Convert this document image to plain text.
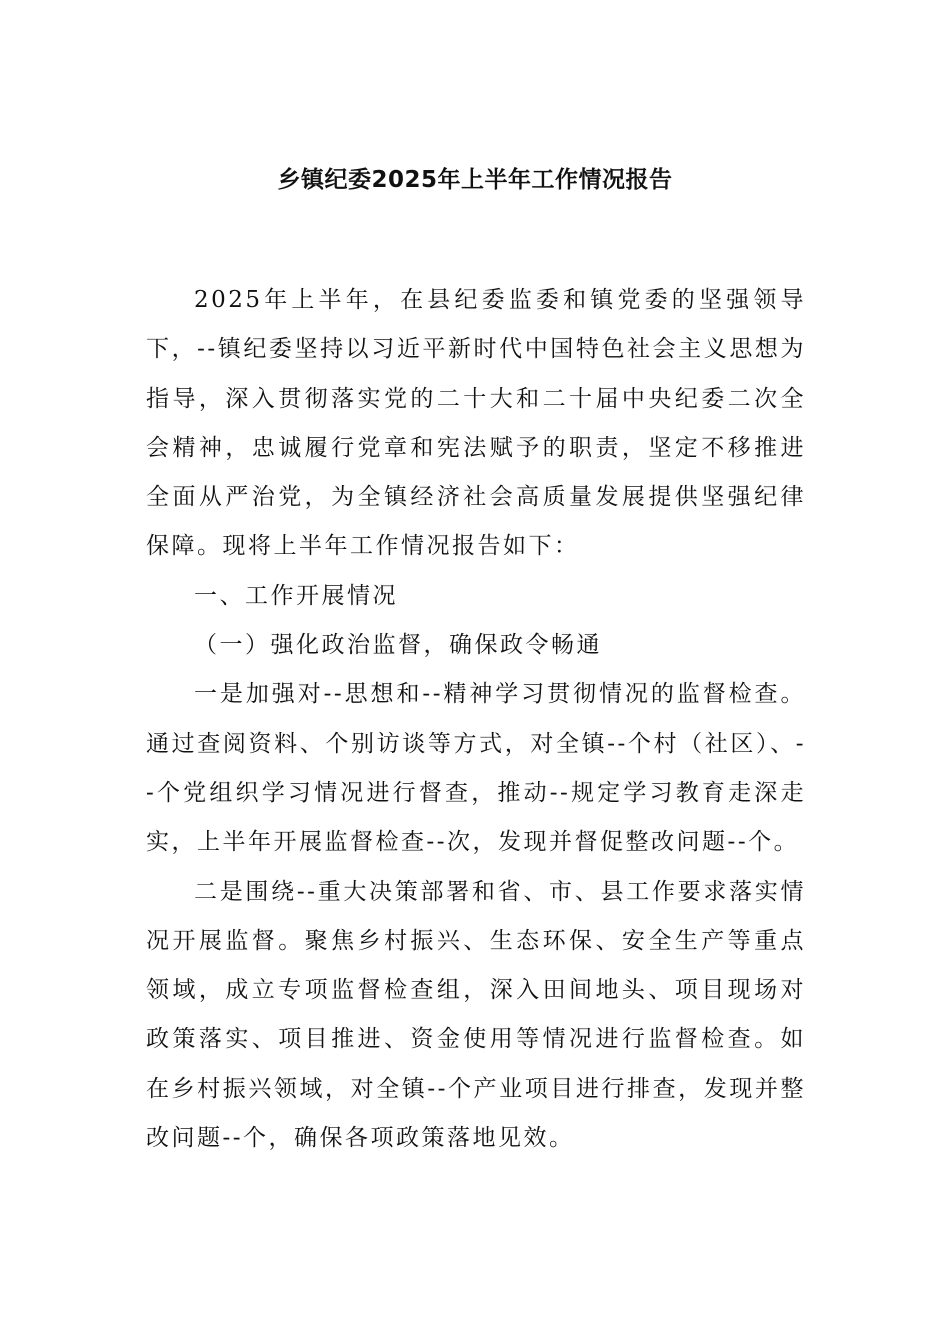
乡镇纪委2025年上半年工作情况报告

2025年上半年，在县纪委监委和镇党委的坚强领导下，--镇纪委坚持以习近平新时代中国特色社会主义思想为指导，深入贯彻落实党的二十大和二十届中央纪委二次全会精神，忠诚履行党章和宪法赋予的职责，坚定不移推进全面从严治党，为全镇经济社会高质量发展提供坚强纪律保障。现将上半年工作情况报告如下：

一、工作开展情况

（一）强化政治监督，确保政令畅通

一是加强对--思想和--精神学习贯彻情况的监督检查。通过查阅资料、个别访谈等方式，对全镇--个村（社区）、--个党组织学习情况进行督查，推动--规定学习教育走深走实，上半年开展监督检查--次，发现并督促整改问题--个。

二是围绕--重大决策部署和省、市、县工作要求落实情况开展监督。聚焦乡村振兴、生态环保、安全生产等重点领域，成立专项监督检查组，深入田间地头、项目现场对政策落实、项目推进、资金使用等情况进行监督检查。如在乡村振兴领域，对全镇--个产业项目进行排查，发现并整改问题--个，确保各项政策落地见效。
